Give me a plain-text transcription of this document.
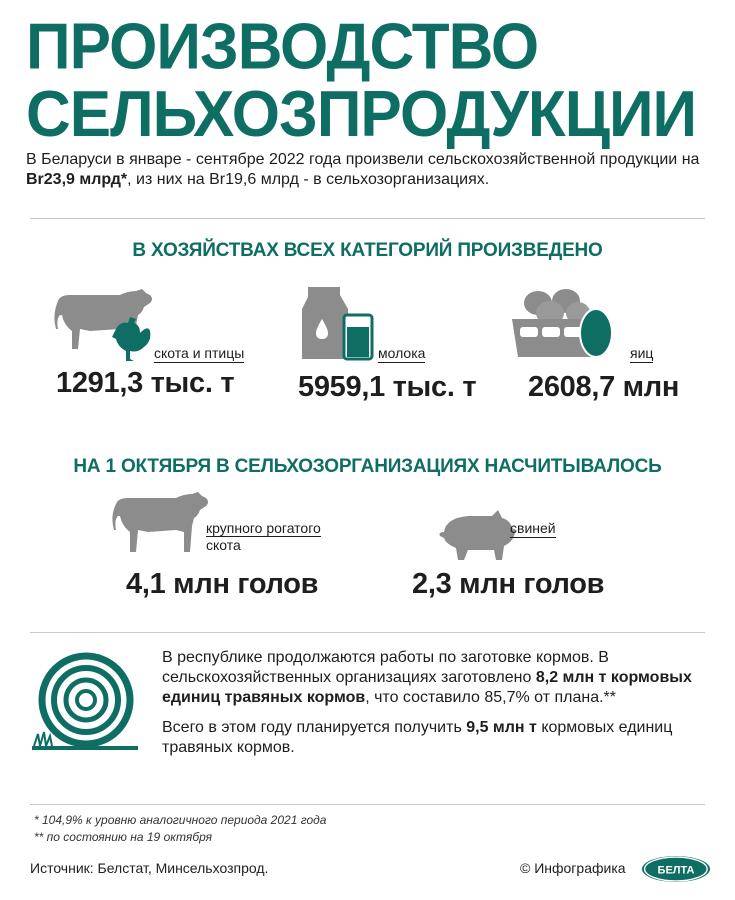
ПРОИЗВОДСТВО
СЕЛЬХОЗПРОДУКЦИИ
В Беларуси в январе - сентябре 2022 года произвели сельскохозяйственной продукции на Br23,9 млрд*, из них на Br19,6 млрд - в сельхозорганизациях.
В ХОЗЯЙСТВАХ ВСЕХ КАТЕГОРИЙ ПРОИЗВЕДЕНО
скота и птицы
1291,3 тыс. т
молока
5959,1 тыс. т
яиц
2608,7 млн
НА 1 ОКТЯБРЯ В СЕЛЬХОЗОРГАНИЗАЦИЯХ НАСЧИТЫВАЛОСЬ
крупного рогатого
скота
4,1 млн голов
свиней
2,3 млн голов

В республике продолжаются работы по заготовке кормов. В сельскохозяйственных организациях заготовлено 8,2 млн т кормовых единиц травяных кормов, что составило 85,7% от плана.**

Всего в этом году планируется получить 9,5 млн т кормовых единиц травяных кормов.

* 104,9% к уровню аналогичного периода 2021 года
** по состоянию на 19 октября
Источник: Белстат, Минсельхозпрод.	© Инфографика	БЕЛТА
